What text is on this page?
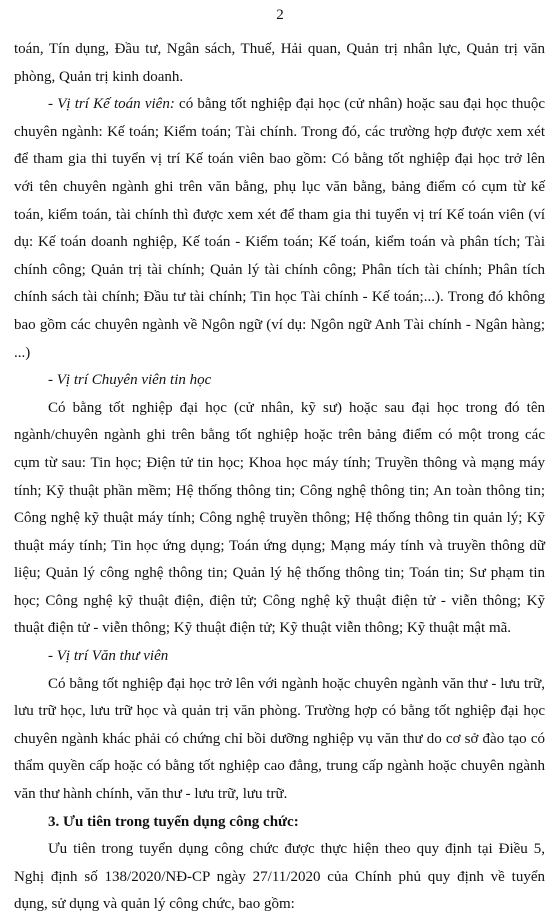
2

toán, Tín dụng, Đầu tư, Ngân sách, Thuế, Hải quan, Quản trị nhân lực, Quản trị văn phòng, Quản trị kinh doanh.

- Vị trí Kế toán viên: có bằng tốt nghiệp đại học (cử nhân) hoặc sau đại học thuộc chuyên ngành: Kế toán; Kiểm toán; Tài chính. Trong đó, các trường hợp được xem xét để tham gia thi tuyển vị trí Kế toán viên bao gồm: Có bằng tốt nghiệp đại học trở lên với tên chuyên ngành ghi trên văn bằng, phụ lục văn bằng, bảng điểm có cụm từ kế toán, kiểm toán, tài chính thì được xem xét để tham gia thi tuyển vị trí Kế toán viên (ví dụ: Kế toán doanh nghiệp, Kế toán - Kiểm toán; Kế toán, kiểm toán và phân tích; Tài chính công; Quản trị tài chính; Quản lý tài chính công; Phân tích tài chính; Phân tích chính sách tài chính; Đầu tư tài chính; Tin học Tài chính - Kế toán;...). Trong đó không bao gồm các chuyên ngành về Ngôn ngữ (ví dụ: Ngôn ngữ Anh Tài chính - Ngân hàng; ...)

- Vị trí Chuyên viên tin học

Có bằng tốt nghiệp đại học (cử nhân, kỹ sư) hoặc sau đại học trong đó tên ngành/chuyên ngành ghi trên bằng tốt nghiệp hoặc trên bảng điểm có một trong các cụm từ sau: Tin học; Điện tử tin học; Khoa học máy tính; Truyền thông và mạng máy tính; Kỹ thuật phần mềm; Hệ thống thông tin; Công nghệ thông tin; An toàn thông tin; Công nghệ kỹ thuật máy tính; Công nghệ truyền thông; Hệ thống thông tin quản lý; Kỹ thuật máy tính; Tin học ứng dụng; Toán ứng dụng; Mạng máy tính và truyền thông dữ liệu; Quản lý công nghệ thông tin; Quản lý hệ thống thông tin; Toán tin; Sư phạm tin học; Công nghệ kỹ thuật điện, điện tử; Công nghệ kỹ thuật điện tử - viễn thông; Kỹ thuật điện tử - viễn thông; Kỹ thuật điện tử; Kỹ thuật viễn thông; Kỹ thuật mật mã.

- Vị trí Văn thư viên

Có bằng tốt nghiệp đại học trở lên với ngành hoặc chuyên ngành văn thư - lưu trữ, lưu trữ học, lưu trữ học và quản trị văn phòng. Trường hợp có bằng tốt nghiệp đại học chuyên ngành khác phải có chứng chỉ bồi dưỡng nghiệp vụ văn thư do cơ sở đào tạo có thẩm quyền cấp hoặc có bằng tốt nghiệp cao đẳng, trung cấp ngành hoặc chuyên ngành văn thư hành chính, văn thư - lưu trữ, lưu trữ.

3. Ưu tiên trong tuyển dụng công chức:

Ưu tiên trong tuyển dụng công chức được thực hiện theo quy định tại Điều 5, Nghị định số 138/2020/NĐ-CP ngày 27/11/2020 của Chính phủ quy định về tuyển dụng, sử dụng và quản lý công chức, bao gồm:
